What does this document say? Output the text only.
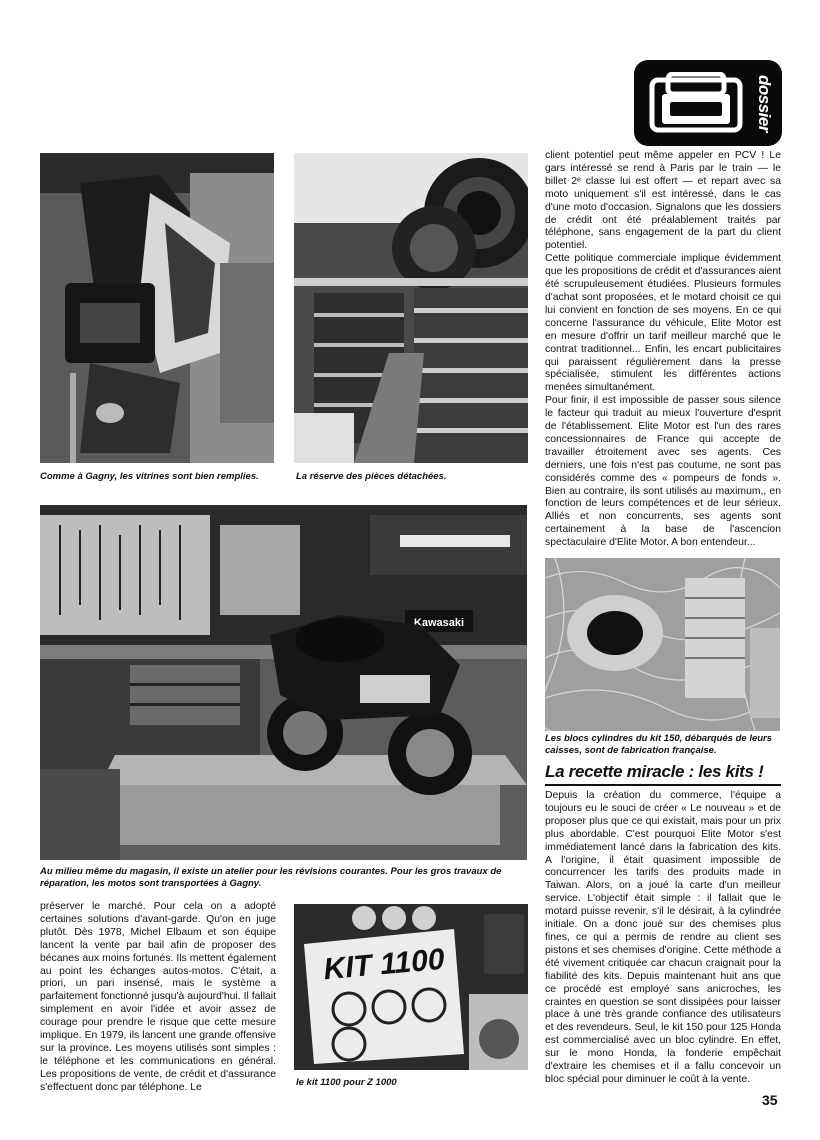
dossier
Comme à Gagny, les vitrines sont bien remplies.	La réserve des pièces détachées.
Kawasaki
Au milieu même du magasin, il existe un atelier pour les révisions courantes. Pour les gros travaux de réparation, les motos sont transportées à Gagny.
KIT 1100
le kit 1100 pour Z 1000
Les blocs cylindres du kit 150, débarqués de leurs caisses, sont de fabrication française.

client potentiel peut même appeler en PCV ! Le gars intéressé se rend à Paris par le train — le billet 2ᵉ classe lui est offert — et repart avec sa moto uniquement s'il est intéressé, dans le cas d'une moto d'occasion. Signalons que les dossiers de crédit ont été préalablement traités par téléphone, sans engagement de la part du client potentiel.

Cette politique commerciale implique évidemment que les propositions de crédit et d'assurances aient été scrupuleusement étudiées. Plusieurs formules d'achat sont proposées, et le motard choisit ce qui lui convient en fonction de ses moyens. En ce qui concerne l'assurance du véhicule, Elite Motor est en mesure d'offrir un tarif meilleur marché que le contrat traditionnel... Enfin, les encart publicitaires qui paraissent régulièrement dans la presse spécialisée, stimulent les différentes actions menées simultanément.

Pour finir, il est impossible de passer sous silence le facteur qui traduit au mieux l'ouverture d'esprit de l'établissement. Elite Motor est l'un des rares concessionnaires de France qui accepte de travailler étroitement avec ses agents. Ces derniers, une fois n'est pas coutume, ne sont pas considérés comme des « pompeurs de fonds ». Bien au contraire, ils sont utilisés au maximum,, en fonction de leurs compétences et de leur sérieux. Alliés et non concurrents, ses agents sont certainement à la base de l'ascencion spectaculaire d'Elite Motor. A bon entendeur...

La recette miracle : les kits !

Depuis la création du commerce, l'équipe a toujours eu le souci de créer « Le nouveau » et de proposer plus que ce qui existait, mais pour un prix plus abordable. C'est pourquoi Elite Motor s'est immédiatement lancé dans la fabrication des kits. A l'origine, il était quasiment impossible de concurrencer les tarifs des produits made in Taiwan. Alors, on a joué la carte d'un meilleur service. L'objectif était simple : il fallait que le motard puisse revenir, s'il le désirait, à la cylindrée initiale. On a donc joué sur des chemises plus fines, ce qui a permis de rendre au client ses pistons et ses chemises d'origine. Cette méthode a été vivement critiquée car chacun craignait pour la fiabilité des kits. Depuis maintenant huit ans que ce procédé est employé sans anicroches, les craintes en question se sont dissipées pour laisser place à une très grande confiance des utilisateurs et des revendeurs. Seul, le kit 150 pour 125 Honda est commercialisé avec un bloc cylindre. En effet, sur le mono Honda, la fonderie empêchait d'extraire les chemises et il a fallu concevoir un bloc spécial pour diminuer le coût à la vente.

préserver le marché. Pour cela on a adopté certaines solutions d'avant-garde. Qu'on en juge plutôt. Dès 1978, Michel Elbaum et son équipe lancent la vente par bail afin de proposer des bécanes aux moins fortunés. Ils mettent également au point les échanges autos-motos. C'était, a priori, un pari insensé, mais le système a parfaitement fonctionné jusqu'à aujourd'hui. Il fallait simplement en avoir l'idée et avoir assez de courage pour prendre le risque que cette mesure implique. En 1979, ils lancent une grande offensive sur la province. Les moyens utilisés sont simples : le téléphone et les communications en général. Les propositions de vente, de crédit et d'assurance s'effectuent donc par téléphone. Le

35
